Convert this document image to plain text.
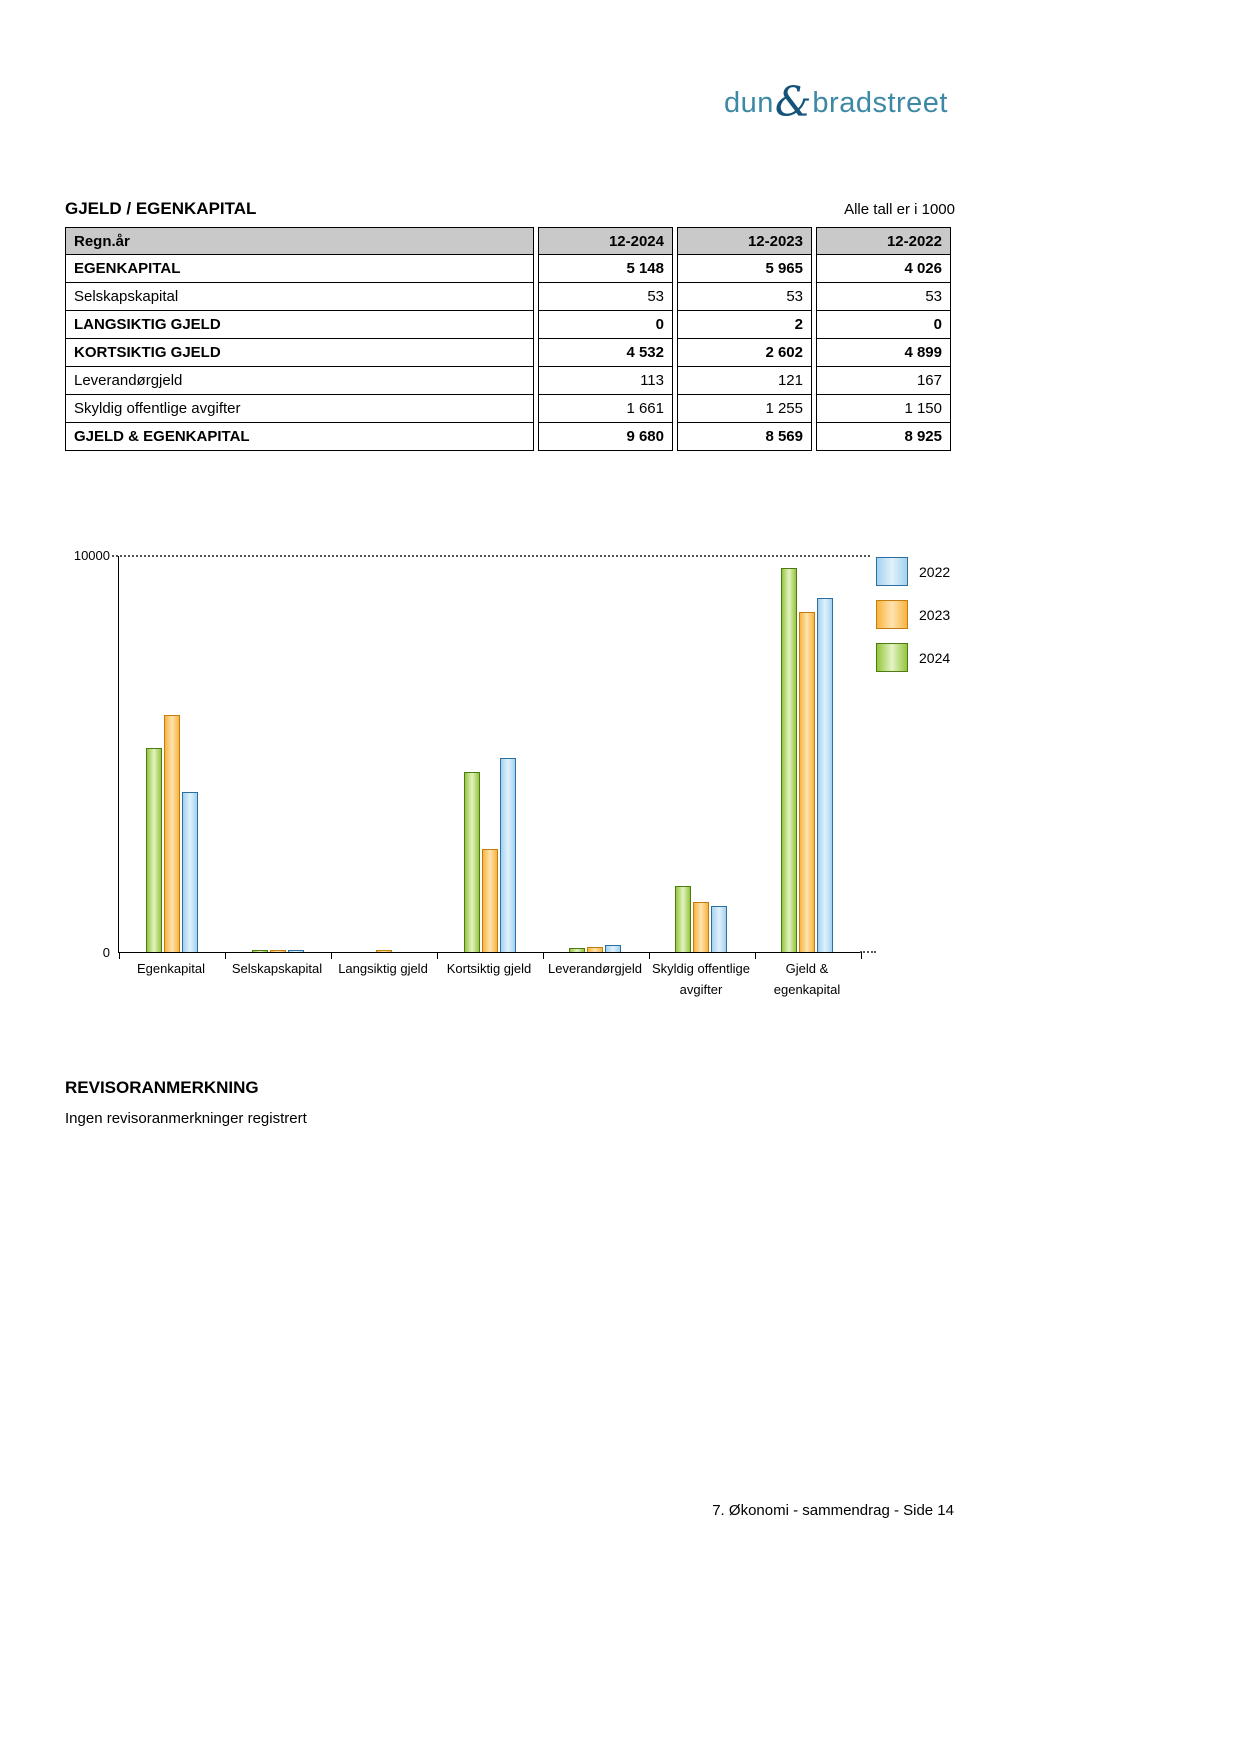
dun&bradstreet
GJELD / EGENKAPITAL	Alle tall er i 1000
Regn.år	12-2024	12-2023	12-2022
EGENKAPITAL	5 148	5 965	4 026
Selskapskapital	53	53	53
LANGSIKTIG GJELD	0	2	0
KORTSIKTIG GJELD	4 532	2 602	4 899
Leverandørgjeld	113	121	167
Skyldig offentlige avgifter	1 661	1 255	1 150
GJELD & EGENKAPITAL	9 680	8 569	8 925
10000
0
Egenkapital	Selskapskapital	Langsiktig gjeld	Kortsiktig gjeld	Leverandørgjeld Skyldig offentlige avgifter
Gjeld & egenkapital
2022
2023
2024
REVISORANMERKNING
Ingen revisoranmerkninger registrert
7. Økonomi - sammendrag - Side 14
